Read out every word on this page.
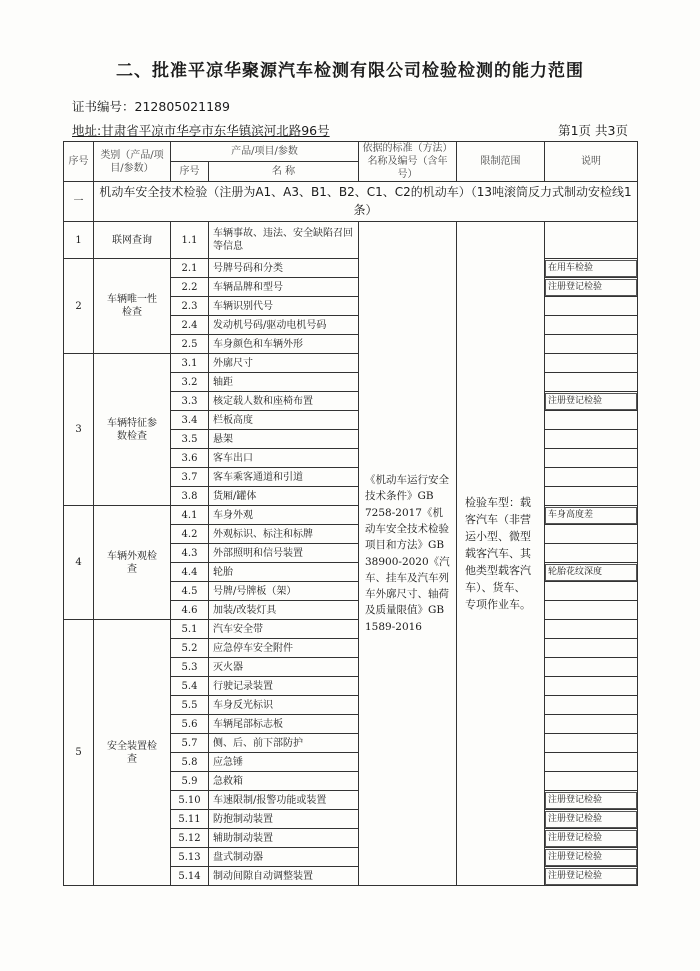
二、批准平凉华聚源汽车检测有限公司检验检测的能力范围
证书编号：212805021189
地址:甘肃省平凉市华亭市东华镇滨河北路96号	第1页 共3页
序号	类别（产品/项目/参数）	产品/项目/参数		依据的标准（方法）名称及编号（含年号）	限制范围	说明
		序号	名 称			
一	机动车安全技术检验（注册为A1、A3、B1、B2、C1、C2的机动车）（13吨滚筒反力式制动安检线1条）					
1	联网查询	1.1	车辆事故、违法、安全缺陷召回等信息	《机动车运行安全技术条件》GB 7258-2017《机动车安全技术检验项目和方法》GB 38900-2020《汽车、挂车及汽车列车外廓尺寸、轴荷及质量限值》GB 1589-2016	检验车型：载客汽车（非营运小型、微型载客汽车、其他类型载客汽车）、货车、专项作业车。	
2	车辆唯一性检查	2.1	号牌号码和分类			在用车检验

		2.2	车辆品牌和型号			注册登记检验

		2.3	车辆识别代号			
		2.4	发动机号码/驱动电机号码			
		2.5	车身颜色和车辆外形			
3	车辆特征参数检查	3.1	外廓尺寸			
		3.2	轴距			
		3.3	核定载人数和座椅布置			注册登记检验

		3.4	栏板高度			
		3.5	悬架			
		3.6	客车出口			
		3.7	客车乘客通道和引道			
		3.8	货厢/罐体			
4	车辆外观检查	4.1	车身外观			车身高度差

		4.2	外观标识、标注和标牌			
		4.3	外部照明和信号装置			
		4.4	轮胎			轮胎花纹深度

		4.5	号牌/号牌板（架）			
		4.6	加装/改装灯具			
5	安全装置检查	5.1	汽车安全带			
		5.2	应急停车安全附件			
		5.3	灭火器			
		5.4	行驶记录装置			
		5.5	车身反光标识			
		5.6	车辆尾部标志板			
		5.7	侧、后、前下部防护			
		5.8	应急锤			
		5.9	急救箱			
		5.10	车速限制/报警功能或装置			注册登记检验

		5.11	防抱制动装置			注册登记检验

		5.12	辅助制动装置			注册登记检验

		5.13	盘式制动器			注册登记检验

		5.14	制动间隙自动调整装置			注册登记检验
